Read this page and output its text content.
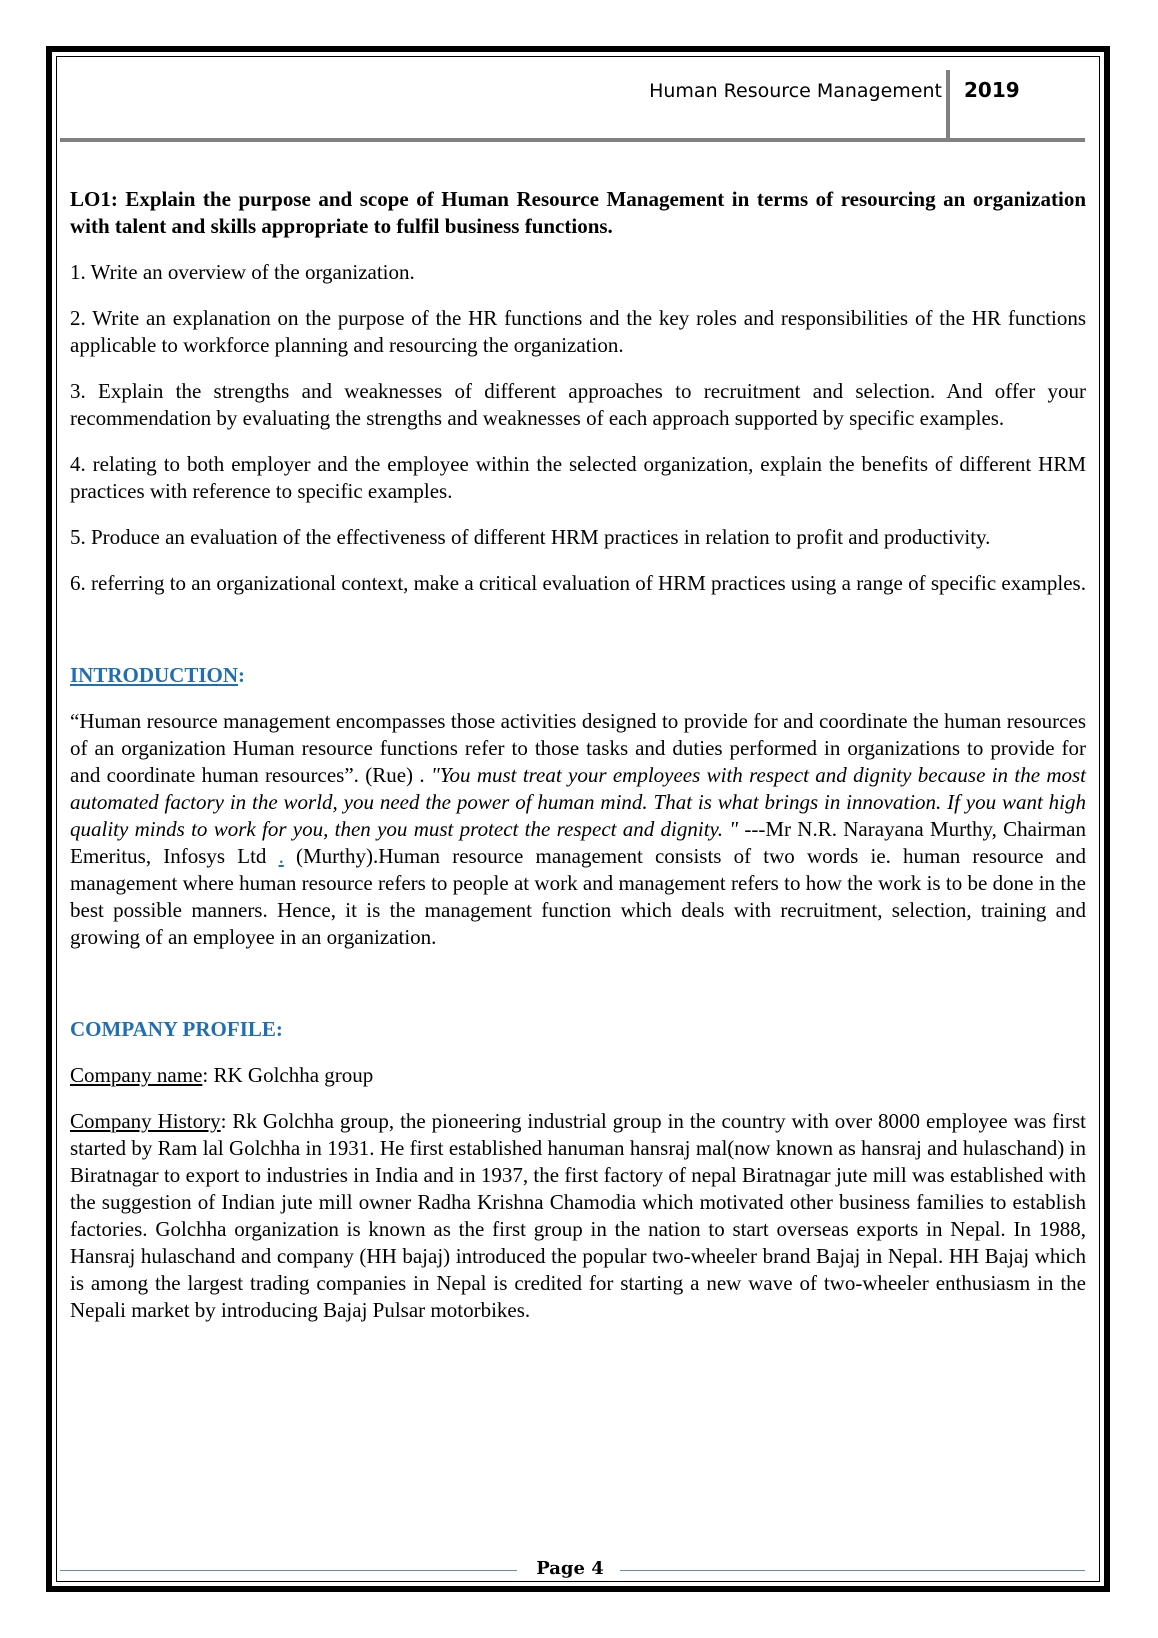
Human Resource Management 2019

LO1: Explain the purpose and scope of Human Resource Management in terms of resourcing an organization with talent and skills appropriate to fulfil business functions.

1. Write an overview of the organization.

2. Write an explanation on the purpose of the HR functions and the key roles and responsibilities of the HR functions applicable to workforce planning and resourcing the organization.

3. Explain the strengths and weaknesses of different approaches to recruitment and selection. And offer your recommendation by evaluating the strengths and weaknesses of each approach supported by specific examples.

4. relating to both employer and the employee within the selected organization, explain the benefits of different HRM practices with reference to specific examples.

5. Produce an evaluation of the effectiveness of different HRM practices in relation to profit and productivity.

6. referring to an organizational context, make a critical evaluation of HRM practices using a range of specific examples.

INTRODUCTION:

“Human resource management encompasses those activities designed to provide for and coordinate the human resources of an organization Human resource functions refer to those tasks and duties performed in organizations to provide for and coordinate human resources”. (Rue) . "You must treat your employees with respect and dignity because in the most automated factory in the world, you need the power of human mind. That is what brings in innovation. If you want high quality minds to work for you, then you must protect the respect and dignity. " ---Mr N.R. Narayana Murthy, Chairman Emeritus, Infosys Ltd . (Murthy).Human resource management consists of two words ie. human resource and management where human resource refers to people at work and management refers to how the work is to be done in the best possible manners. Hence, it is the management function which deals with recruitment, selection, training and growing of an employee in an organization.

COMPANY PROFILE:

Company name: RK Golchha group

Company History: Rk Golchha group, the pioneering industrial group in the country with over 8000 employee was first started by Ram lal Golchha in 1931. He first established hanuman hansraj mal(now known as hansraj and hulaschand) in Biratnagar to export to industries in India and in 1937, the first factory of nepal Biratnagar jute mill was established with the suggestion of Indian jute mill owner Radha Krishna Chamodia which motivated other business families to establish factories. Golchha organization is known as the first group in the nation to start overseas exports in Nepal. In 1988, Hansraj hulaschand and company (HH bajaj) introduced the popular two-wheeler brand Bajaj in Nepal. HH Bajaj which is among the largest trading companies in Nepal is credited for starting a new wave of two-wheeler enthusiasm in the Nepali market by introducing Bajaj Pulsar motorbikes.

Page 4
